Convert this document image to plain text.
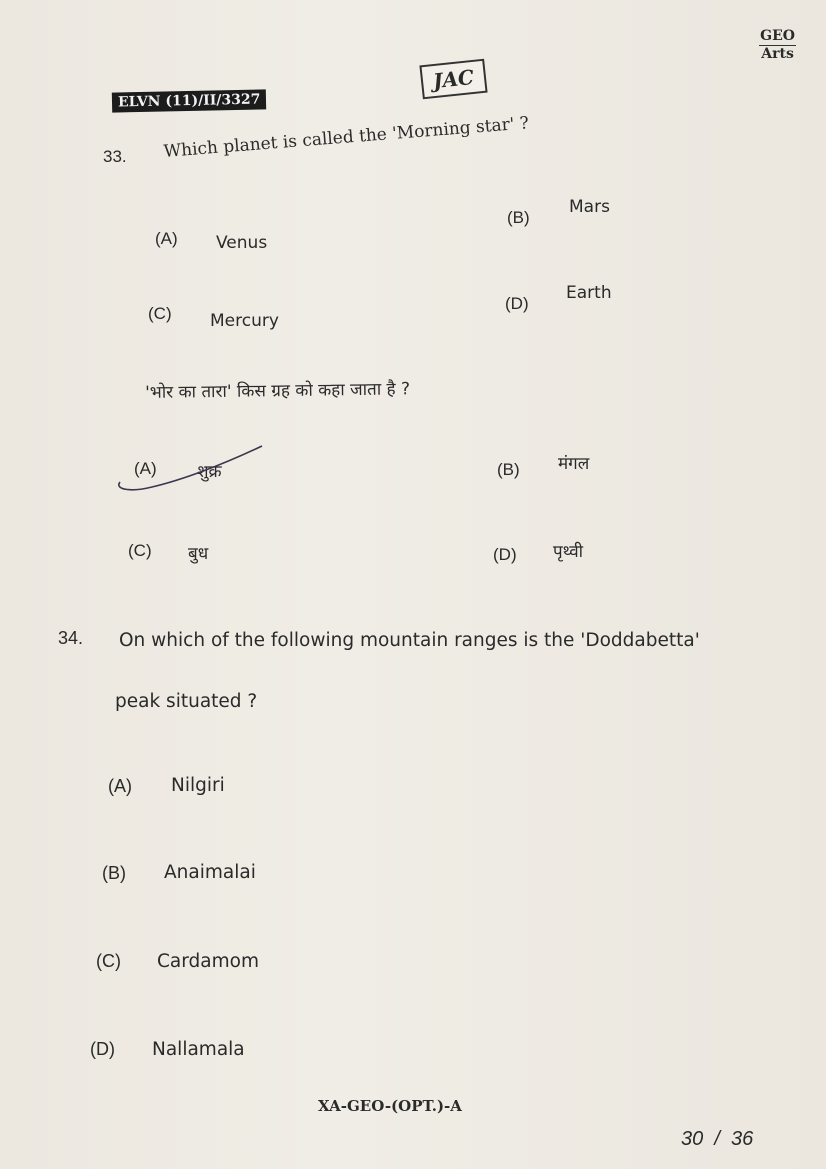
GEO
Arts
JAC
ELVN (11)/II/3327
33. Which planet is called the 'Morning star' ?
(A) Venus
(B)
Mars
(C) Mercury
(D)
Earth
'भोर का तारा' किस ग्रह को कहा जाता है ?
(A) शुक्र	(B) मंगल
(C) बुध	(D) पृथ्वी
34. On which of the following mountain ranges is the 'Doddabetta'
peak situated ?
(A) Nilgiri
(B) Anaimalai
(C) Cardamom
(D) Nallamala
XA-GEO-(OPT.)-A
30  /  36
